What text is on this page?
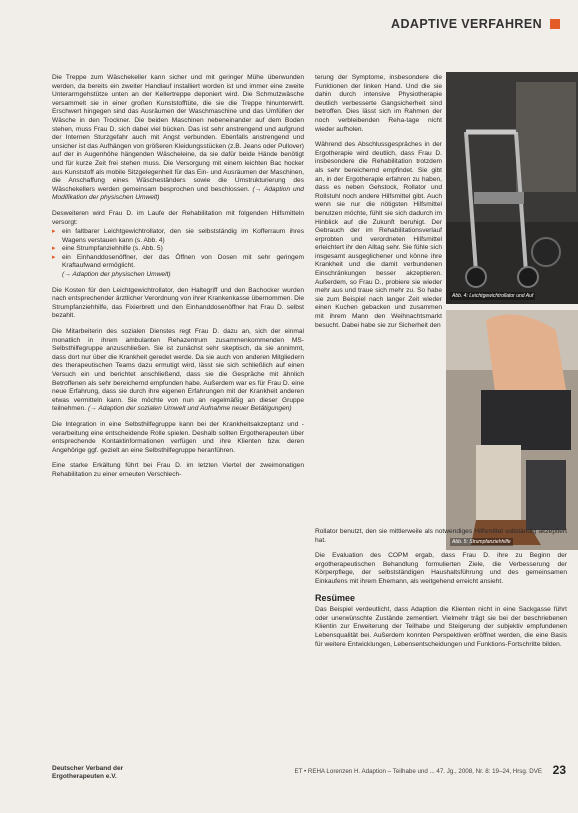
ADAPTIVE VERFAHREN

Die Treppe zum Wäschekeller kann sicher und mit geringer Mühe überwunden werden, da bereits ein zweiter Handlauf installiert worden ist und immer eine zweite Unterarmgehstütze unten an der Kellertreppe deponiert wird. Die Schmutzwäsche versammelt sie in einer großen Kunststofftüte, die sie die Treppe hinunterwirft. Erschwert hingegen sind das Ausräumen der Waschmaschine und das Umfüllen der Wäsche in den Trockner. Die beiden Maschinen nebeneinander auf dem Boden stehen, muss Frau D. sich dabei viel bücken. Das ist sehr anstrengend und aufgrund der Internen Sturzgefahr auch mit Angst verbunden. Ebenfalls anstrengend und unsicher ist das Aufhängen von größeren Kleidungsstücken (z.B. Jeans oder Pullover) auf der in Augenhöhe hängenden Wäscheleine, da sie dafür beide Hände benötigt und für kurze Zeit frei stehen muss. Die Versorgung mit einem leichten Bac hocker aus Kunststoff als mobile Sitzgelegenheit für das Ein- und Ausräumen der Maschinen, die Anschaffung eines Wäscheständers sowie die Umstrukturierung des Wäschekellers werden gemeinsam besprochen und beschlossen. (→ Adaption und Modifikation der physischen Umwelt)

Desweiteren wird Frau D. im Laufe der Rehabilitation mit folgenden Hilfsmitteln versorgt:

▸ ein faltbarer Leichtgewichtrollator, den sie selbstständig im Kofferraum ihres Wagens verstauen kann (s. Abb. 4)
▸ eine Strumpfanziehhilfe (s. Abb. 5)
▸ ein Einhanddosenöffner, der das Öffnen von Dosen mit sehr geringem Kraftaufwand ermöglicht.
(→ Adaption der physischen Umwelt)

Die Kosten für den Leichtgewichtrollator, den Haltegriff und den Bachocker wurden nach entsprechender ärztlicher Verordnung von ihrer Krankenkasse übernommen. Die Strumpfanziehhilfe, das Fixierbrett und den Einhanddosenöffner hat Frau D. selbst bezahlt.

Die Mitarbeiterin des sozialen Dienstes regt Frau D. dazu an, sich der einmal monatlich in ihrem ambulanten Rehazentrum zusammenkommenden MS-Selbsthilfegruppe anzuschließen. Sie ist zunächst sehr skeptisch, da sie annimmt, dass dort nur über die Krankheit geredet werde. Da sie auch von anderen Mitgliedern des therapeutischen Teams dazu ermutigt wird, lässt sie sich schließlich auf einen Versuch ein und berichtet anschließend, dass sie die Gespräche mit ähnlich Betroffenen als sehr bereichernd empfunden habe. Außerdem war es für Frau D. eine neue Erfahrung, dass sie durch ihre eigenen Erfahrungen mit der Krankheit anderen etwas vermitteln kann. Sie möchte von nun an regelmäßig an dieser Gruppe teilnehmen. (→ Adaption der sozialen Umwelt und Aufnahme neuer Betätigungen)

Die Integration in eine Selbsthilfegruppe kann bei der Krankheitsakzeptanz und -verarbeitung eine entscheidende Rolle spielen. Deshalb sollten Ergotherapeuten über entsprechende Kontaktinformationen verfügen und ihre Klienten bzw. deren Angehörige ggf. gezielt an eine Selbsthilfegruppe heranführen.

Eine starke Erkältung führt bei Frau D. im letzten Viertel der zweimonatigen Rehabilitation zu einer erneuten Verschlech-

terung der Symptome, insbesondere die Funktionen der linken Hand. Und die sie dahin durch intensive Physiotherapie deutlich verbesserte Gangsicherheit sind betroffen. Dies lässt sich im Rahmen der noch verbleibenden Reha-tage nicht wieder aufholen.

Während des Abschlussgespräches in der Ergotherapie wird deutlich, dass Frau D. insbesondere die Rehabilitation trotzdem als sehr bereichernd empfindet. Sie gibt an, in der Ergotherapie erfahren zu haben, dass es neben Gehstock, Rollator und Rollstuhl noch andere Hilfsmittel gibt. Auch wenn sie nur die nötigsten Hilfsmittel benutzen möchte, fühlt sie sich dadurch im Hinblick auf die Zukunft beruhigt. Der Gebrauch der im Rehabilitationsverlauf erprobten und verordneten Hilfsmittel erleichtert ihr den Alltag sehr. Sie fühle sich insgesamt ausgeglichener und könne ihre Krankheit und die damit verbundenen Einschränkungen besser akzeptieren. Außerdem, so Frau D., probiere sie wieder mehr aus und traue sich mehr zu. So habe sie zum Beispiel nach langer Zeit wieder einen Kuchen gebacken und zusammen mit ihrem Mann den Weihnachtsmarkt besucht. Dabei habe sie zur Sicherheit den

Abb. 4: Leichtgewichtrollator und Auf
Abb. 5: Strumpfanziehhilfe

Rollator benutzt, den sie mittlerweile als notwendiges Hilfsmittel vollständig akzeptiert hat.

Die Evaluation des COPM ergab, dass Frau D. ihre zu Beginn der ergotherapeutischen Behandlung formulierten Ziele, die Verbesserung der Körperpflege, der selbstständigen Haushaltsführung und des gemeinsamen Einkaufens mit ihrem Ehemann, als weitgehend erreicht ansieht.

Resümee

Das Beispiel verdeutlicht, dass Adaption die Klienten nicht in eine Sackgasse führt oder unerwünschte Zustände zementiert. Vielmehr trägt sie bei der beschriebenen Klientin zur Erweiterung der Teilhabe und Steigerung der subjektiv empfundenen Lebensqualität bei. Außerdem konnten Perspektiven eröffnet werden, die eine Basis für weitere Entwicklungen, Lebensentscheidungen und Funktions-Fortschritte bilden.

Deutscher Verband der
Ergotherapeuten e.V.
ET • REHA Lorenzen H. Adaption – Teilhabe und ... 47. Jg., 2008, Nr. 8: 19–24, Hrsg. DVE 23
